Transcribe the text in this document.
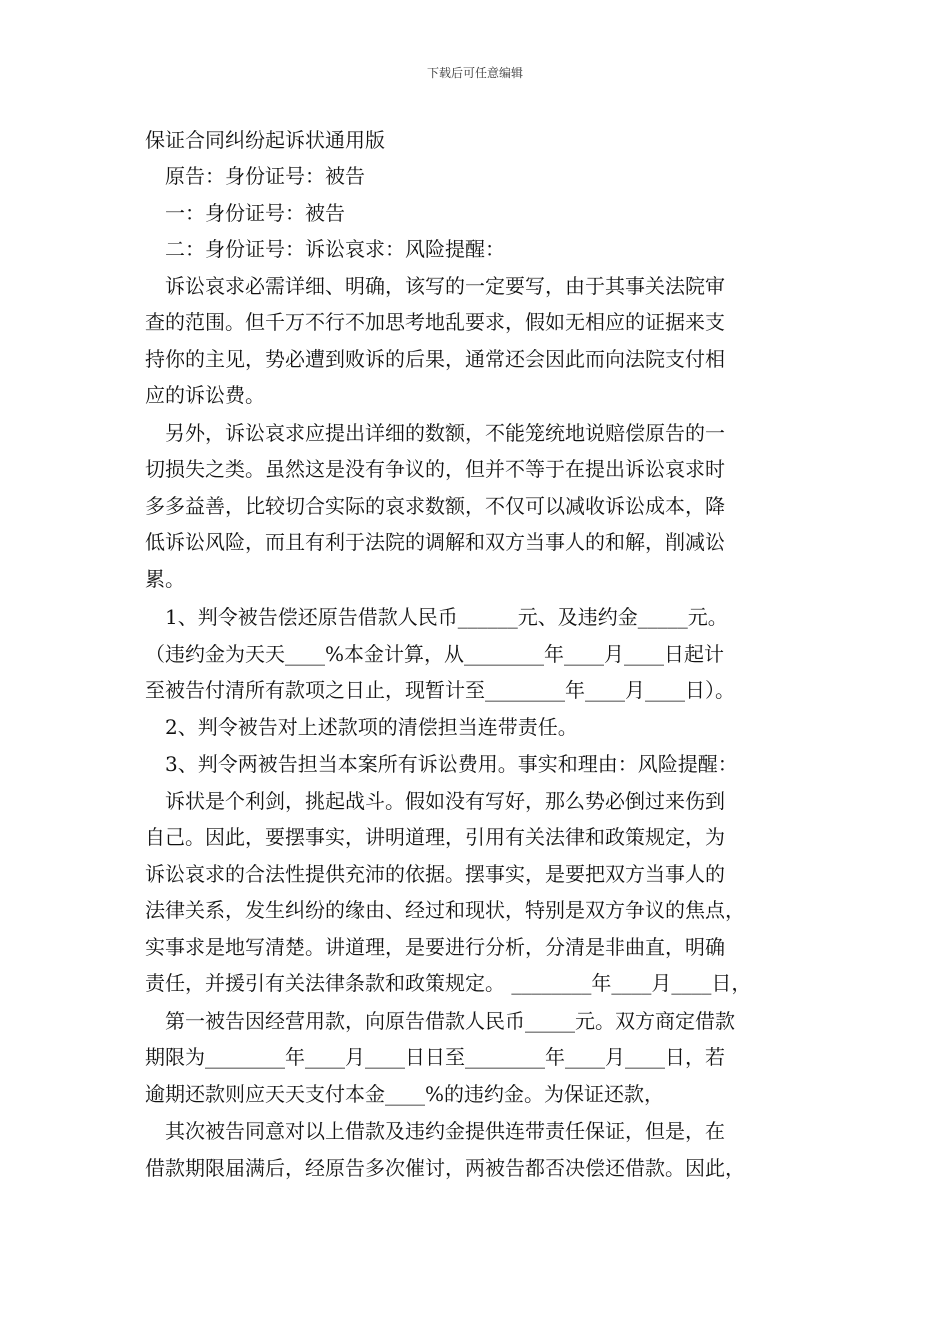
下载后可任意编辑
保证合同纠纷起诉状通用版
原告：身份证号：被告
一：身份证号：被告
二：身份证号：诉讼哀求：风险提醒：
诉讼哀求必需详细、明确，该写的一定要写，由于其事关法院审
查的范围。但千万不行不加思考地乱要求，假如无相应的证据来支
持你的主见，势必遭到败诉的后果，通常还会因此而向法院支付相
应的诉讼费。
另外，诉讼哀求应提出详细的数额，不能笼统地说赔偿原告的一
切损失之类。虽然这是没有争议的，但并不等于在提出诉讼哀求时
多多益善，比较切合实际的哀求数额，不仅可以减收诉讼成本，降
低诉讼风险，而且有利于法院的调解和双方当事人的和解，削减讼
累。
1、判令被告偿还原告借款人民币______元、及违约金_____元。
（违约金为天天____%本金计算，从________年____月____日起计
至被告付清所有款项之日止，现暂计至________年____月____日）。
2、判令被告对上述款项的清偿担当连带责任。
3、判令两被告担当本案所有诉讼费用。事实和理由：风险提醒：
诉状是个利剑，挑起战斗。假如没有写好，那么势必倒过来伤到
自己。因此，要摆事实，讲明道理，引用有关法律和政策规定，为
诉讼哀求的合法性提供充沛的依据。摆事实，是要把双方当事人的
法律关系，发生纠纷的缘由、经过和现状，特别是双方争议的焦点，
实事求是地写清楚。讲道理，是要进行分析，分清是非曲直，明确
责任，并援引有关法律条款和政策规定。 ________年____月____日，
第一被告因经营用款，向原告借款人民币_____元。双方商定借款
期限为________年____月____日日至________年____月____日，若
逾期还款则应天天支付本金____%的违约金。为保证还款，
其次被告同意对以上借款及违约金提供连带责任保证，但是，在
借款期限届满后，经原告多次催讨，两被告都否决偿还借款。因此，
